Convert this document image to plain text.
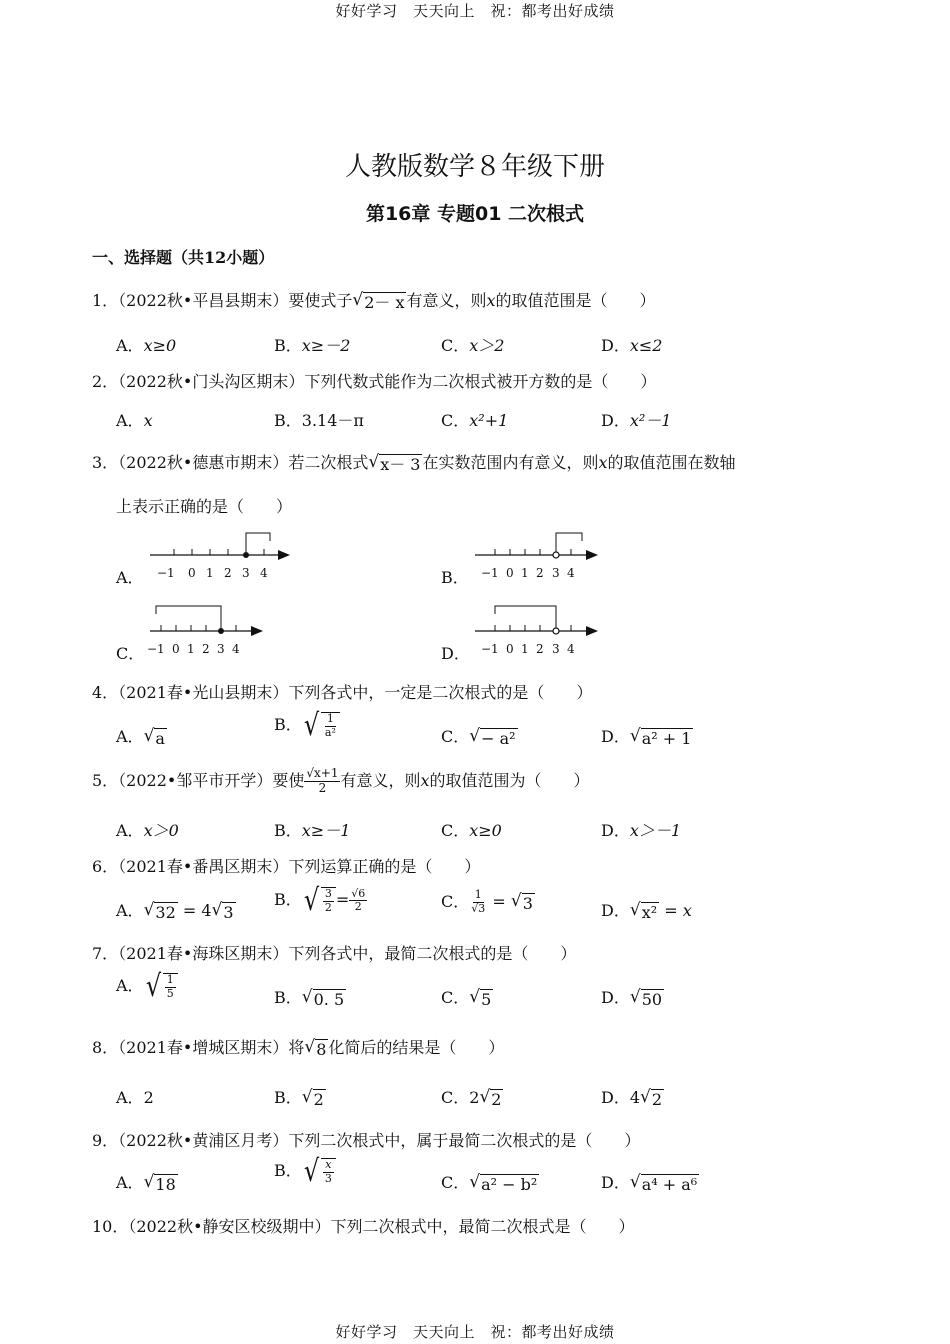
好好学习　天天向上　祝：都考出好成绩
人教版数学８年级下册
第16章 专题01 二次根式
一、选择题（共12小题）
1．（2022秋•平昌县期末）要使式子 √ 2－ x 有意义，则x的取值范围是（　　）
A．x≥0	B．x≥－2	C．x＞2	D．x≤2
2．（2022秋•门头沟区期末）下列代数式能作为二次根式被开方数的是（　　）
A．x	B．3.14－π	C．x²+1	D．x²－1
3．（2022秋•德惠市期末）若二次根式 √ x－ 3 在实数范围内有意义，则x的取值范围在数轴
上表示正确的是（　　）
A． −1 0 1 2 3 4	B． −1 0 1 2 3 4
C． −1 0 1 2 3 4	D． −1 0 1 2 3 4
4．（2021春•光山县期末）下列各式中，一定是二次根式的是（　　）
A． √ a
B． √ $\frac{1}{\text{a²}}$	C． √ − a²	D． √ a² + 1
5．（2022•邹平市开学）要使 $\frac{√x+1}{2}$ 有意义，则x的取值范围为（　　）
A．x＞0	B．x≥－1	C．x≥0	D．x＞－1
6．（2021春•番禺区期末）下列运算正确的是（　　）
A． √ 32 = 4 √ 3
B． √ $\frac{3}{2} = \frac{√6}{2}$	C． $\frac{1}{√3}$ = √ 3	D． √ x² = x
7．（2021春•海珠区期末）下列各式中，最简二次根式的是（　　）
A． √ $\frac{1}{5}$	B． √ 0. 5	C． √ 5	D． √ 50
8．（2021春•增城区期末）将 √ 8 化简后的结果是（　　）
A．2	B． √ 2	C．2 √ 2	D．4 √ 2
9．（2022秋•黄浦区月考）下列二次根式中，属于最简二次根式的是（　　）
A． √ 18
B． √ $\frac{x}{3}$	C． √ a² − b²	D． √ a⁴ + a⁶
10．（2022秋•静安区校级期中）下列二次根式中，最简二次根式是（　　）
好好学习　天天向上　祝：都考出好成绩
